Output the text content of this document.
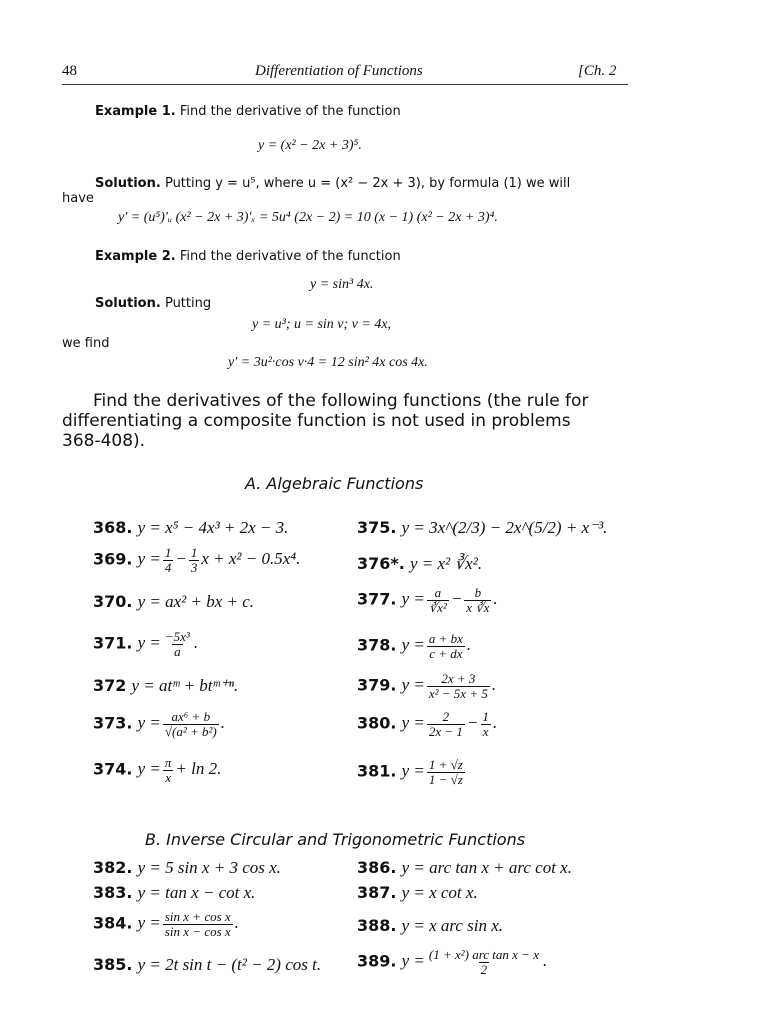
48	Differentiation of Functions	[Ch. 2
Example 1. Find the derivative of the function
y = (x² − 2x + 3)⁵.
Solution. Putting y = u⁵, where u = (x² − 2x + 3), by formula (1) we will
have
y′ = (u⁵)′ᵤ (x² − 2x + 3)′ₓ = 5u⁴ (2x − 2) = 10 (x − 1) (x² − 2x + 3)⁴.
Example 2. Find the derivative of the function
y = sin³ 4x.
Solution. Putting
y = u³; u = sin v; v = 4x,
we find
y′ = 3u²·cos v·4 = 12 sin² 4x cos 4x.
Find the derivatives of the following functions (the rule for
differentiating a composite function is not used in problems
368-408).
A. Algebraic Functions
368. y = x⁵ − 4x³ + 2x − 3.
369. $y = \frac{1}{4} - \frac{1}{3}$ x + x² − 0.5x⁴.
370. y = ax² + bx + c.
371. $y = \frac{\text{−5x³}}{a}$ .
372 y = atᵐ + btᵐ⁺ⁿ.
373. $y = \frac{\text{ax⁶ + b}}{\text{√(a² + b²)}}$ .
374. $y = \frac{\pi}{x} + \ln 2$.
375. y = 3x^(2/3) − 2x^(5/2) + x⁻³.
376*. y = x² ∛x².
377. $y = \frac{a}{\text{∛x²}} - \frac{b}{x ∛x}$ .
378. $y = \frac{a + bx}{c + dx}$ .
379. $y = \frac{2x + 3}{\text{x² − 5x + 5}}$ .
380. $y = \frac{2}{2x - 1} - \frac{1}{x}$ .
381. $y = \frac{1 + √z}{1 - √z}$
B. Inverse Circular and Trigonometric Functions
382. y = 5 sin x + 3 cos x.
383. y = tan x − cot x.
384. $y = \frac{\text{sin x + cos x}}{\text{sin x − cos x}}$ .
385. y = 2t sin t − (t² − 2) cos t.
386. y = arc tan x + arc cot x.
387. y = x cot x.
388. y = x arc sin x.
389. $y = \frac{\text{(1 + x²) arc tan x − x}}{2}$ .
